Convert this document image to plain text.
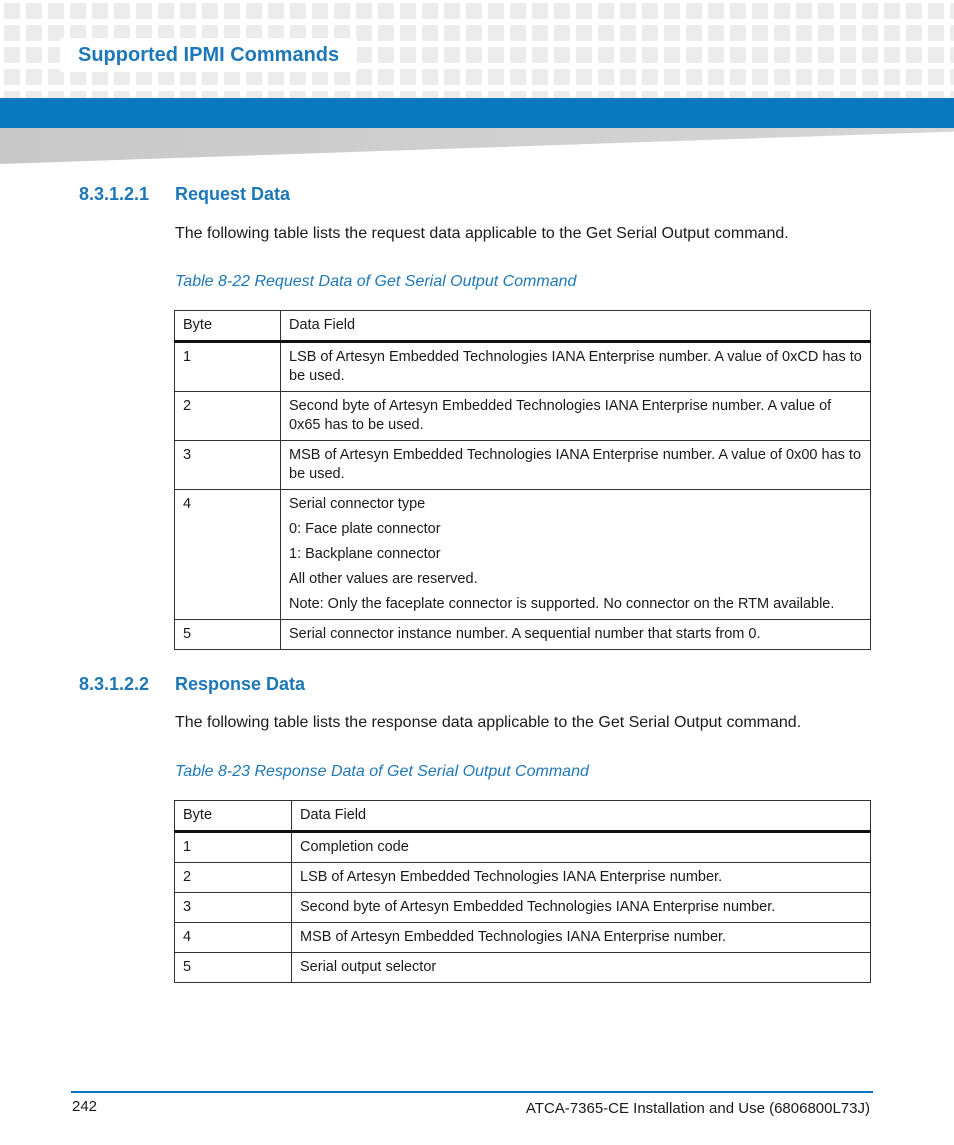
Supported IPMI Commands
8.3.1.2.1 Request Data

The following table lists the request data applicable to the Get Serial Output command.

Table 8-22 Request Data of Get Serial Output Command

Byte	Data Field
1	LSB of Artesyn Embedded Technologies IANA Enterprise number. A value of 0xCD has to be used.

2	Second byte of Artesyn Embedded Technologies IANA Enterprise number. A value of 0x65 has to be used.

3	MSB of Artesyn Embedded Technologies IANA Enterprise number. A value of 0x00 has to be used.

4	Serial connector type

0: Face plate connector

1: Backplane connector

All other values are reserved.

Note: Only the faceplate connector is supported. No connector on the RTM available.

5	Serial connector instance number. A sequential number that starts from 0.

8.3.1.2.2 Response Data

The following table lists the response data applicable to the Get Serial Output command.

Table 8-23 Response Data of Get Serial Output Command

Byte	Data Field
1	Completion code

2	LSB of Artesyn Embedded Technologies IANA Enterprise number.

3	Second byte of Artesyn Embedded Technologies IANA Enterprise number.

4	MSB of Artesyn Embedded Technologies IANA Enterprise number.

5	Serial output selector

242	ATCA-7365-CE Installation and Use (6806800L73J)
